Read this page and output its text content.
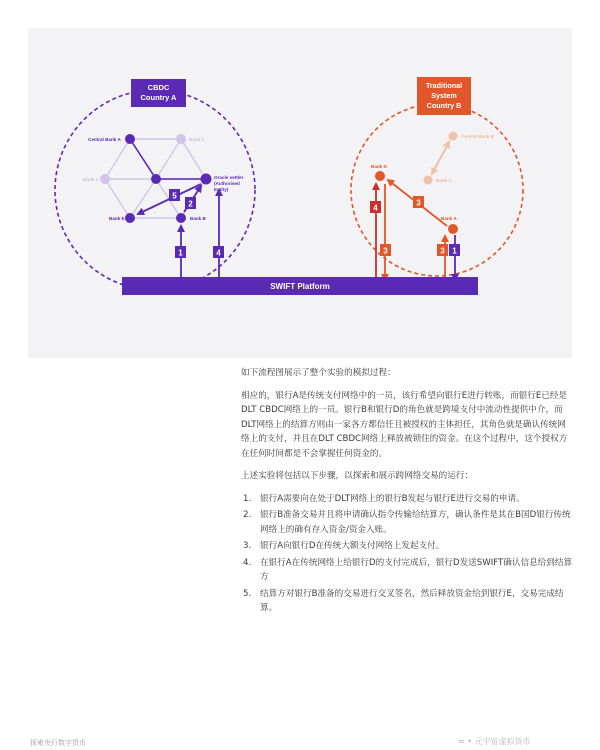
Central Bank A	Bank 1
Bank 2	Oracle settler
(Authorised
Entity)
Bank E	Bank B
5
2
1	4
CBDC
Country A
Central Bank B
Bank C
Bank D
Bank A
3
4
3	3 1
Traditional
System
Country B
SWIFT Platform

如下流程图展示了整个实验的模拟过程：

相应的，银行A是传统支付网络中的一员，该行希望向银行E进行转账，而银行E已经是DLT CBDC网络上的一员。银行B和银行D的角色就是跨境支付中流动性提供中介，而DLT网络上的结算方则由一家各方都信任且被授权的主体担任，其角色就是确认传统网络上的支付，并且在DLT CBDC网络上释放被锁住的资金。在这个过程中，这个授权方在任何时间都是不会掌握任何资金的。

上述实验将包括以下步骤，以探索和展示跨网络交易的运行：

1. 银行A需要向在处于DLT网络上的银行B发起与银行E进行交易的申请。
2. 银行B准备交易并且将申请确认指令传输给结算方，确认条件是其在B国D银行传统网络上的确有存入资金/资金入账。
3. 银行A向银行D在传统大额支付网络上发起支付。
4. 在银行A在传统网络上给银行D的支付完成后，银行D发送SWIFT确认信息给到结算方
5. 结算方对银行B准备的交易进行交叉签名，然后释放资金给到银行E，交易完成结算。
探索央行数字货币	≈ • 元宇宙虚拟货币
